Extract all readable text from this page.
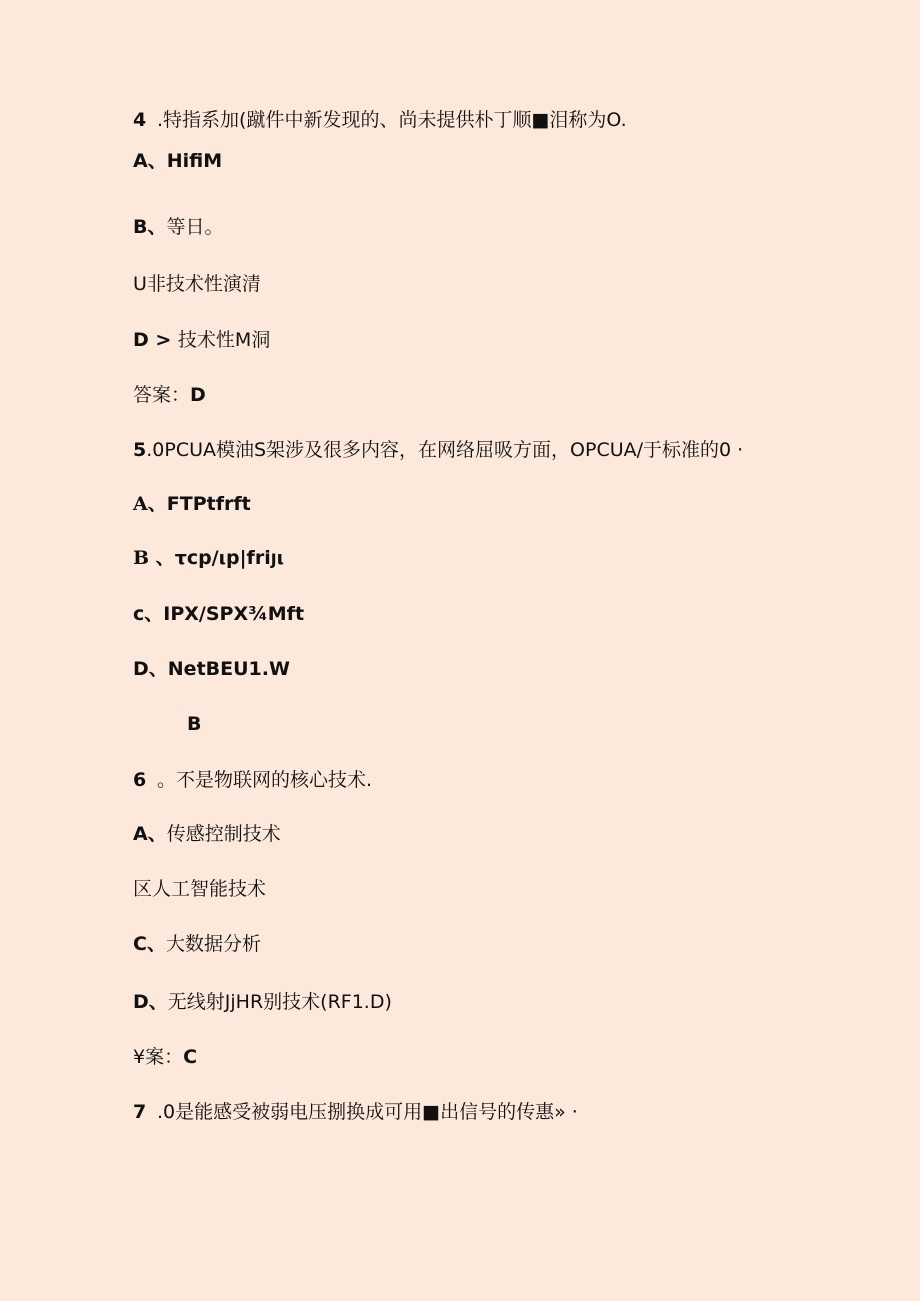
4 .特指系加(蹴件中新发现的、尚未提供朴丁顺■泪称为O.
A、HifiM
B、等日。
U非技术性演清
D > 技术性M洞
答案：D
5.0PCUA模油S架涉及很多内容，在网络屈吸方面，OPCUA/于标准的0 ·
A、FTPtfrft
B 、τcp/ιp|friյι
c、IPX/SPX¾Mft
D、NetBEU1.W
B
6 。不是物联网的核心技术.
A、传感控制技术
区人工智能技术
C、大数据分析
D、无线射JjHR别技术(RF1.D)
¥案：C
7 .0是能感受被弱电压捌换成可用■出信号的传惠» ·
